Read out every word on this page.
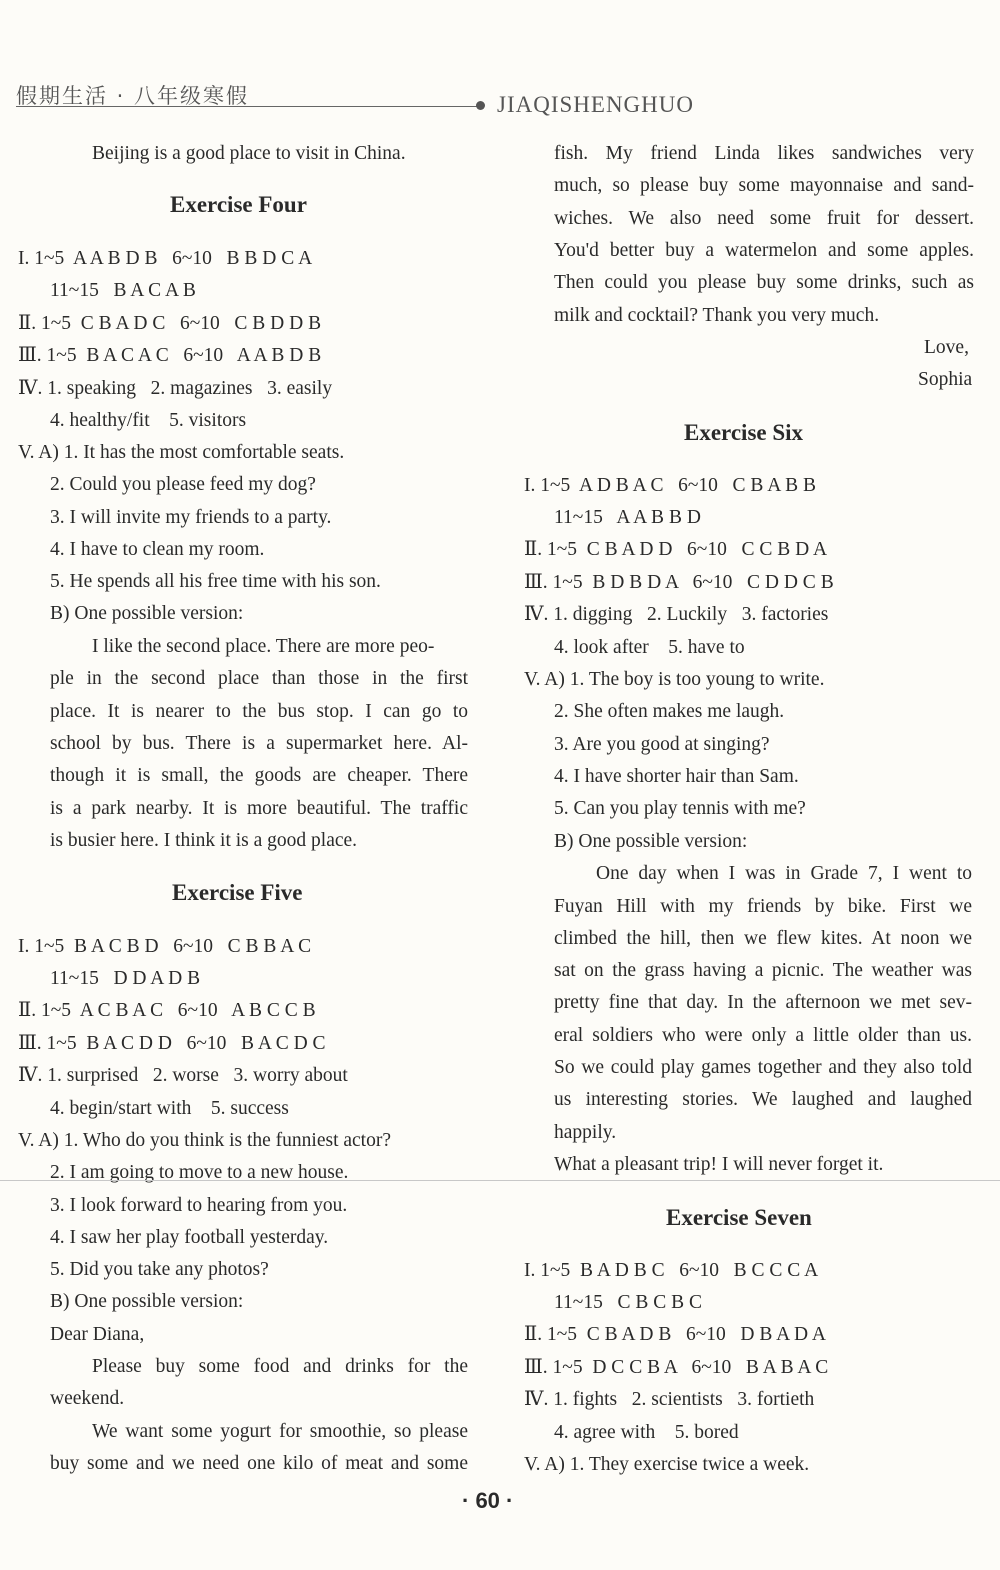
假期生活 · 八年级寒假	JIAQISHENGHUO
Beijing is a good place to visit in China.
I. 1~5  A A B D B   6~10   B B D C A
11~15   B A C A B
Ⅱ. 1~5  C B A D C   6~10   C B D D B
Ⅲ. 1~5  B A C A C   6~10   A A B D B
Ⅳ. 1. speaking   2. magazines   3. easily
4. healthy/fit    5. visitors
V. A) 1. It has the most comfortable seats.
2. Could you please feed my dog?
3. I will invite my friends to a party.
4. I have to clean my room.
5. He spends all his free time with his son.
B) One possible version:
I like the second place. There are more peo-
ple in the second place than those in the first
place. It is nearer to the bus stop. I can go to
school by bus. There is a supermarket here. Al-
though it is small, the goods are cheaper. There
is a park nearby. It is more beautiful. The traffic
is busier here. I think it is a good place.
I. 1~5  B A C B D   6~10   C B B A C
11~15   D D A D B
Ⅱ. 1~5  A C B A C   6~10   A B C C B
Ⅲ. 1~5  B A C D D   6~10   B A C D C
Ⅳ. 1. surprised   2. worse   3. worry about
4. begin/start with    5. success
V. A) 1. Who do you think is the funniest actor?
2. I am going to move to a new house.
3. I look forward to hearing from you.
4. I saw her play football yesterday.
5. Did you take any photos?
B) One possible version:
Dear Diana,
Please buy some food and drinks for the
weekend.
We want some yogurt for smoothie, so please
buy some and we need one kilo of meat and some
Exercise Four
Exercise Five
fish. My friend Linda likes sandwiches very
much, so please buy some mayonnaise and sand-
wiches. We also need some fruit for dessert.
You'd better buy a watermelon and some apples.
Then could you please buy some drinks, such as
milk and cocktail? Thank you very much.
Love,
Sophia
I. 1~5  A D B A C   6~10   C B A B B
11~15   A A B B D
Ⅱ. 1~5  C B A D D   6~10   C C B D A
Ⅲ. 1~5  B D B D A   6~10   C D D C B
Ⅳ. 1. digging   2. Luckily   3. factories
4. look after    5. have to
V. A) 1. The boy is too young to write.
2. She often makes me laugh.
3. Are you good at singing?
4. I have shorter hair than Sam.
5. Can you play tennis with me?
B) One possible version:
One day when I was in Grade 7, I went to
Fuyan Hill with my friends by bike. First we
climbed the hill, then we flew kites. At noon we
sat on the grass having a picnic. The weather was
pretty fine that day. In the afternoon we met sev-
eral soldiers who were only a little older than us.
So we could play games together and they also told
us interesting stories. We laughed and laughed
happily.
What a pleasant trip! I will never forget it.
I. 1~5  B A D B C   6~10   B C C C A
11~15   C B C B C
Ⅱ. 1~5  C B A D B   6~10   D B A D A
Ⅲ. 1~5  D C C B A   6~10   B A B A C
Ⅳ. 1. fights   2. scientists   3. fortieth
4. agree with    5. bored
V. A) 1. They exercise twice a week.
Exercise Six
Exercise Seven
· 60 ·
